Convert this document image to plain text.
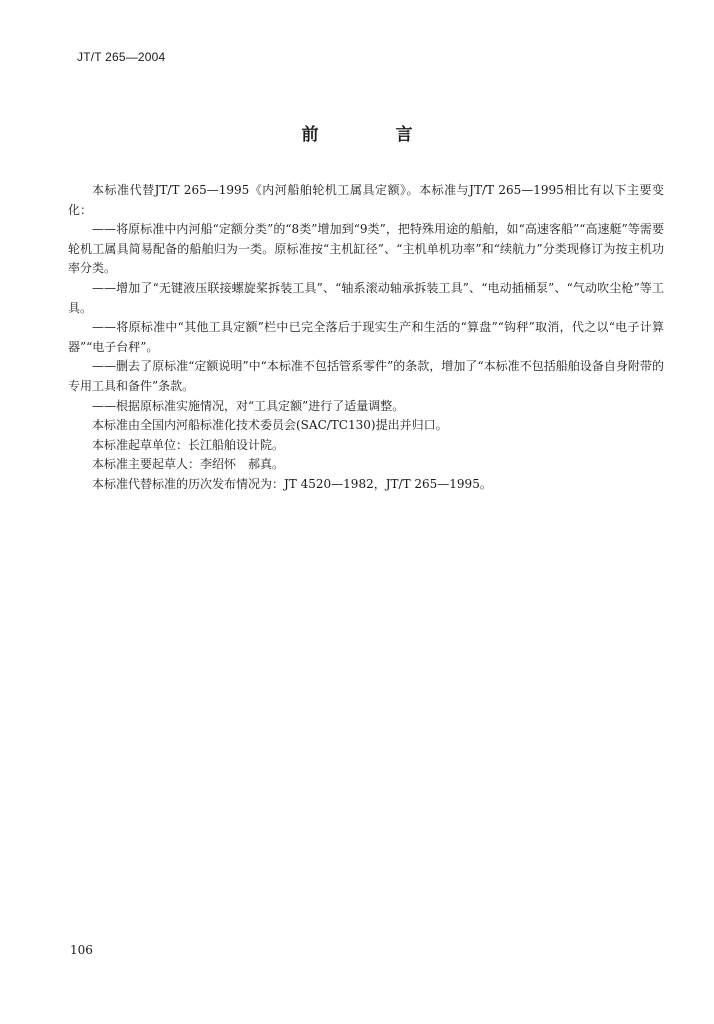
JT/T 265—2004
前　言

本标准代替JT/T 265—1995《内河船舶轮机工属具定额》。本标准与JT/T 265—1995相比有以下主要变化：

——将原标准中内河船“定额分类”的“8类”增加到“9类”，把特殊用途的船舶，如“高速客船”“高速艇”等需要轮机工属具简易配备的船舶归为一类。原标准按“主机缸径”、“主机单机功率”和“续航力”分类现修订为按主机功率分类。

——增加了“无键液压联接螺旋桨拆装工具”、“轴系滚动轴承拆装工具”、“电动插桶泵”、“气动吹尘枪”等工具。

——将原标准中“其他工具定额”栏中已完全落后于现实生产和生活的“算盘”“钩秤”取消，代之以“电子计算器”“电子台秤”。

——删去了原标准“定额说明”中“本标准不包括管系零件”的条款，增加了“本标准不包括船舶设备自身附带的专用工具和备件”条款。

——根据原标准实施情况，对“工具定额”进行了适量调整。

本标准由全国内河船标准化技术委员会(SAC/TC130)提出并归口。

本标准起草单位：长江船舶设计院。

本标准主要起草人：李绍怀　郝真。

本标准代替标准的历次发布情况为：JT 4520—1982，JT/T 265—1995。

106
